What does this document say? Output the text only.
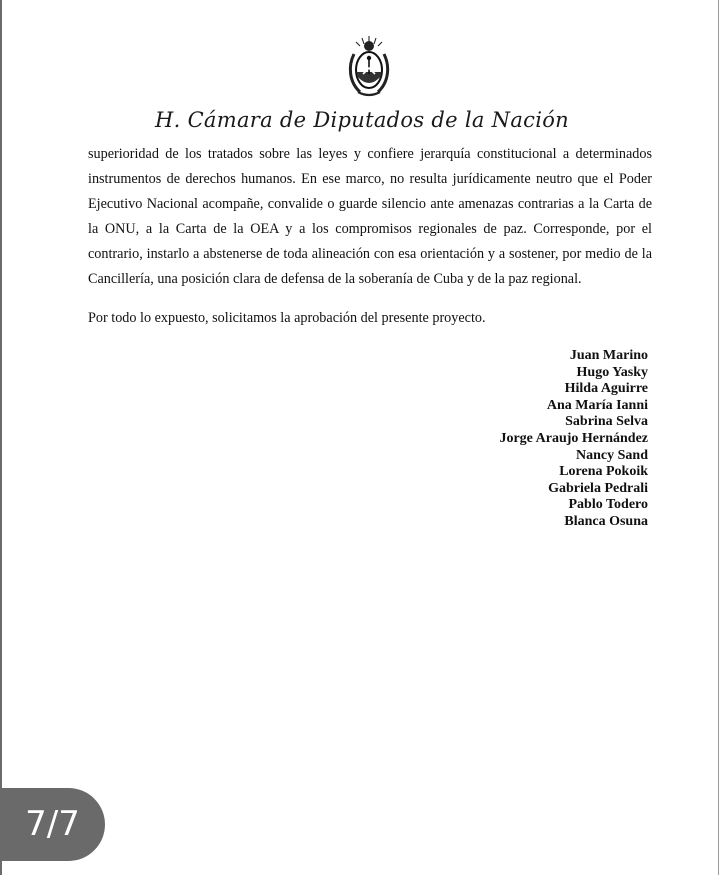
H. Cámara de Diputados de la Nación

superioridad de los tratados sobre las leyes y confiere jerarquía constitucional a determinados instrumentos de derechos humanos. En ese marco, no resulta jurídicamente neutro que el Poder Ejecutivo Nacional acompañe, convalide o guarde silencio ante amenazas contrarias a la Carta de la ONU, a la Carta de la OEA y a los compromisos regionales de paz. Corresponde, por el contrario, instarlo a abstenerse de toda alineación con esa orientación y a sostener, por medio de la Cancillería, una posición clara de defensa de la soberanía de Cuba y de la paz regional.

Por todo lo expuesto, solicitamos la aprobación del presente proyecto.
Juan Marino
Hugo Yasky
Hilda Aguirre
Ana María Ianni
Sabrina Selva
Jorge Araujo Hernández
Nancy Sand
Lorena Pokoik
Gabriela Pedrali
Pablo Todero
Blanca Osuna
7/7
